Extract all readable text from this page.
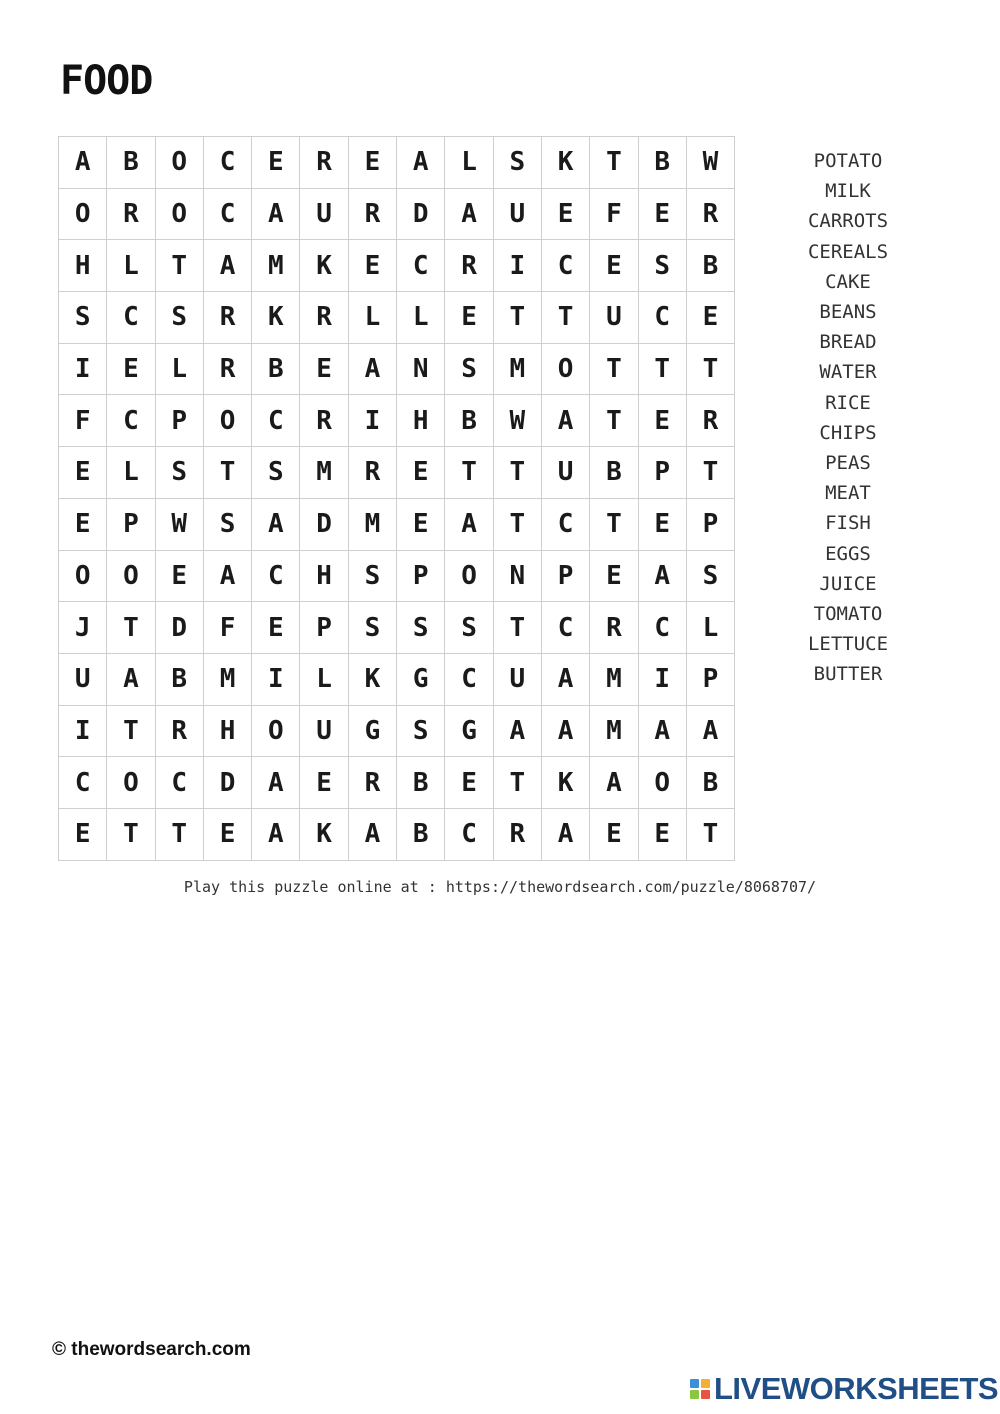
FOOD
A	B	O	C	E	R	E	A	L	S	K	T	B	W
O	R	O	C	A	U	R	D	A	U	E	F	E	R
H	L	T	A	M	K	E	C	R	I	C	E	S	B
S	C	S	R	K	R	L	L	E	T	T	U	C	E
I	E	L	R	B	E	A	N	S	M	O	T	T	T
F	C	P	O	C	R	I	H	B	W	A	T	E	R
E	L	S	T	S	M	R	E	T	T	U	B	P	T
E	P	W	S	A	D	M	E	A	T	C	T	E	P
O	O	E	A	C	H	S	P	O	N	P	E	A	S
J	T	D	F	E	P	S	S	S	T	C	R	C	L
U	A	B	M	I	L	K	G	C	U	A	M	I	P
I	T	R	H	O	U	G	S	G	A	A	M	A	A
C	O	C	D	A	E	R	B	E	T	K	A	O	B
E	T	T	E	A	K	A	B	C	R	A	E	E	T
POTATO
MILK
CARROTS
CEREALS
CAKE
BEANS
BREAD
WATER
RICE
CHIPS
PEAS
MEAT
FISH
EGGS
JUICE
TOMATO
LETTUCE
BUTTER
Play this puzzle online at : https://thewordsearch.com/puzzle/8068707/
© thewordsearch.com
LIVEWORKSHEETS
